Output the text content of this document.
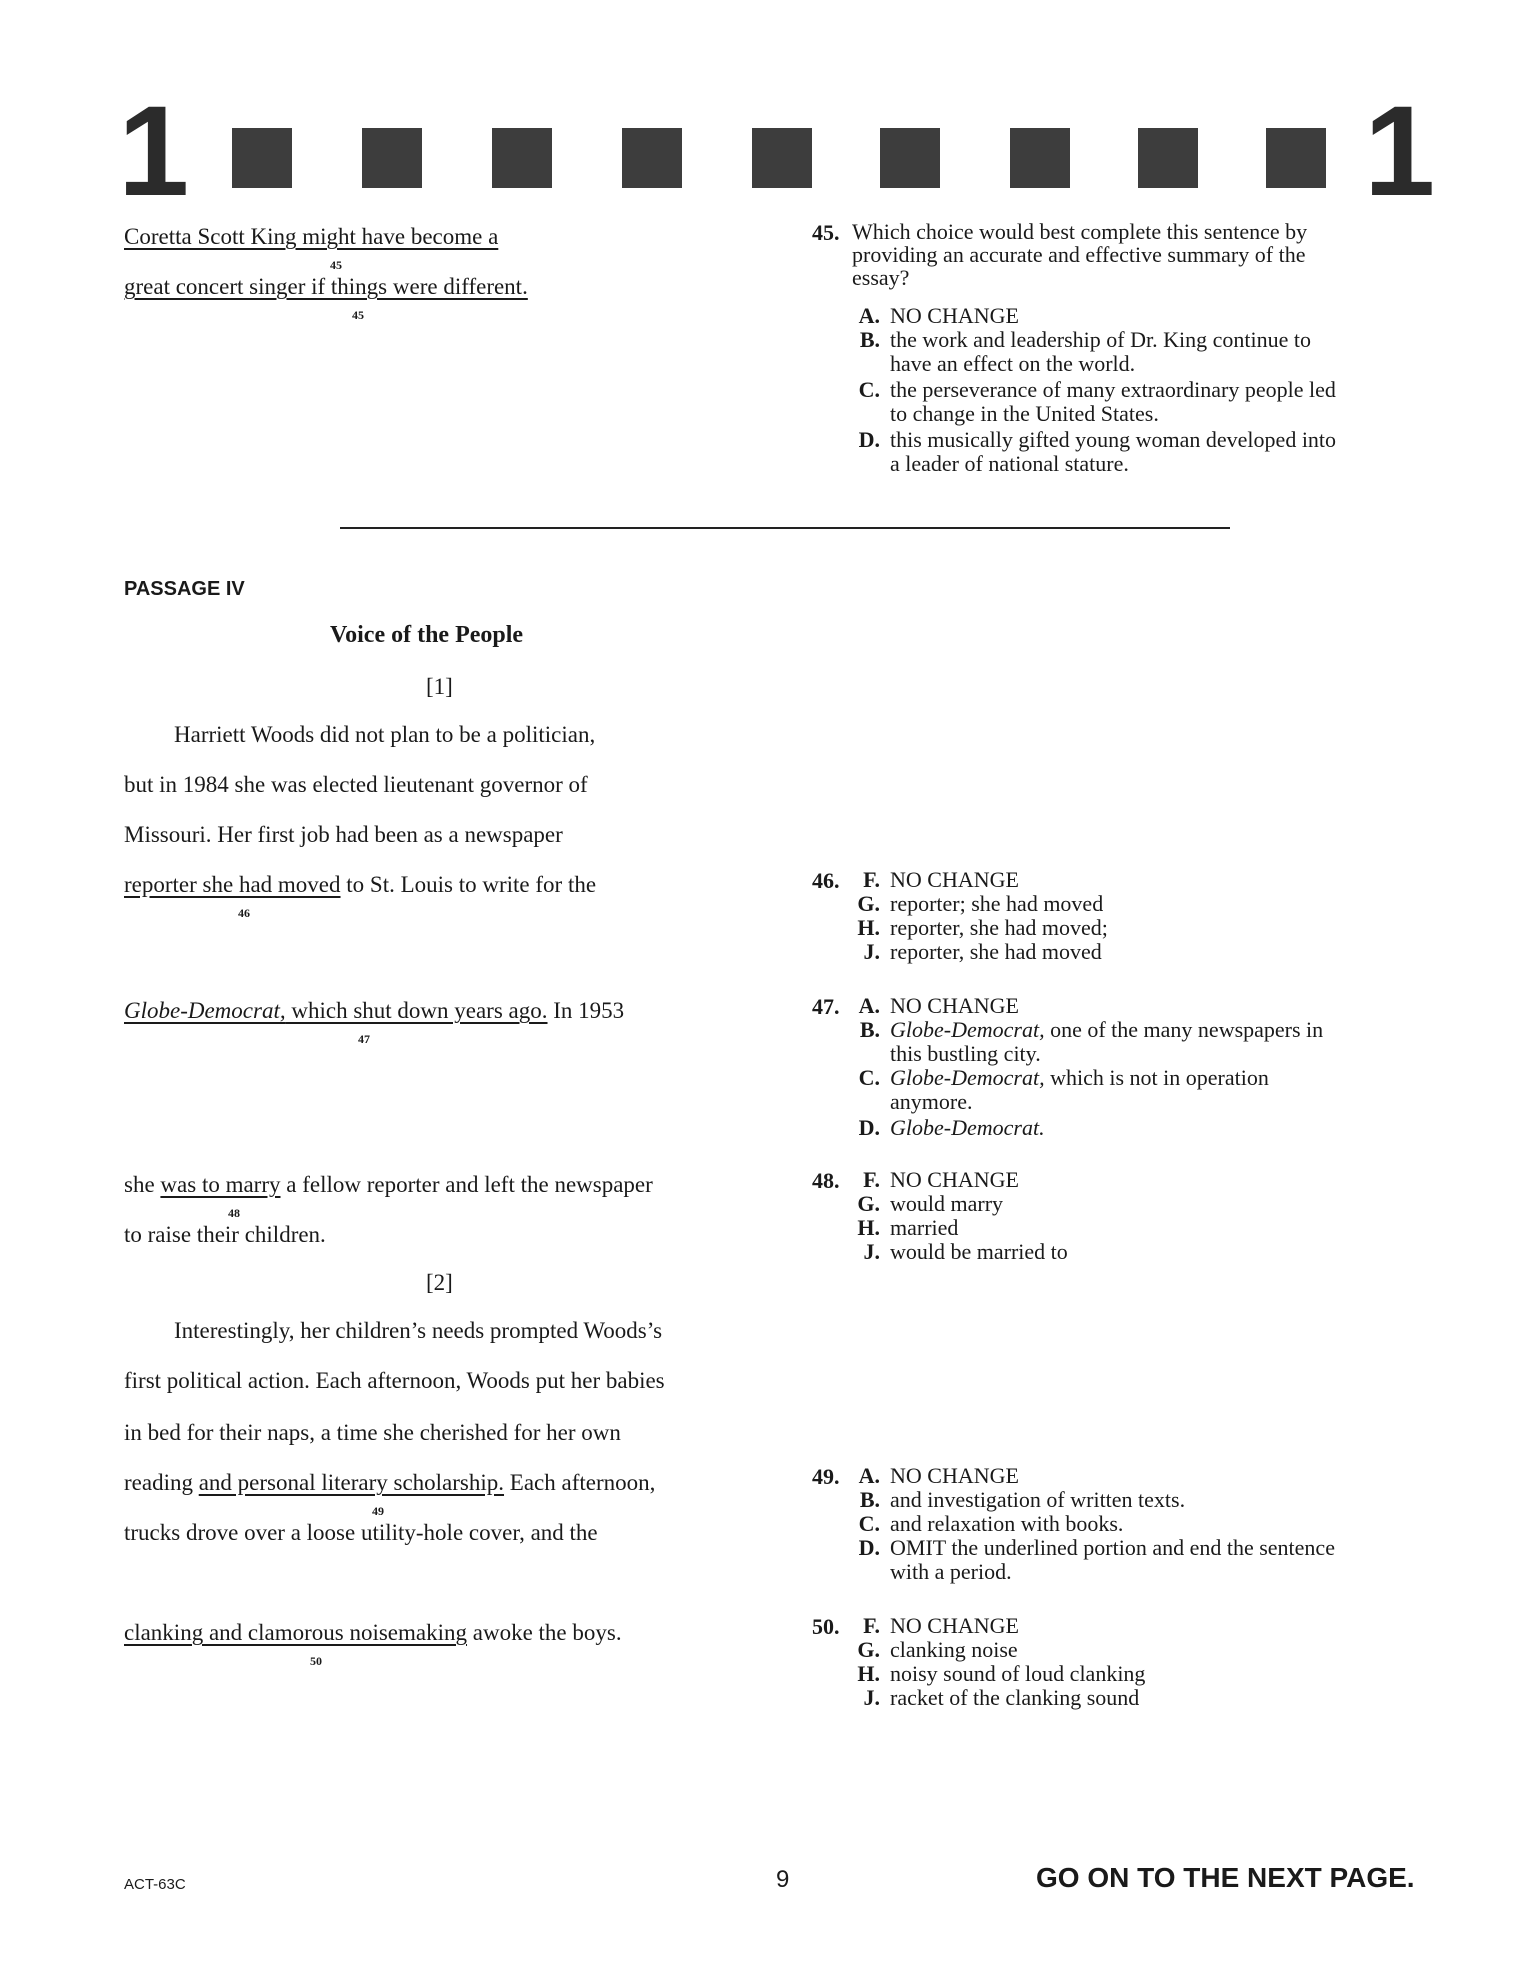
1	1
Coretta Scott King might have become a
45
great concert singer if things were different.
45
45. Which choice would best complete this sentence by
providing an accurate and effective summary of the
essay?
A. NO CHANGE
B. the work and leadership of Dr. King continue to
have an effect on the world.
C. the perseverance of many extraordinary people led
to change in the United States.
D. this musically gifted young woman developed into
a leader of national stature.
PASSAGE IV
Voice of the People
[1]
Harriett Woods did not plan to be a politician,
but in 1984 she was elected lieutenant governor of
Missouri. Her first job had been as a newspaper
reporter she had moved to St. Louis to write for the
46
Globe-Democrat, which shut down years ago. In 1953
47
she was to marry a fellow reporter and left the newspaper
48
to raise their children.
[2]
Interestingly, her children’s needs prompted Woods’s
first political action. Each afternoon, Woods put her babies
in bed for their naps, a time she cherished for her own
reading and personal literary scholarship. Each afternoon,
49
trucks drove over a loose utility-hole cover, and the
clanking and clamorous noisemaking awoke the boys.
50
46.	F. NO CHANGE
G. reporter; she had moved
H. reporter, she had moved;
J. reporter, she had moved
47. A. NO CHANGE
B. Globe-Democrat, one of the many newspapers in
this bustling city.
C. Globe-Democrat, which is not in operation
anymore.
D. Globe-Democrat.
48.	F. NO CHANGE
G. would marry
H. married
J. would be married to
49. A. NO CHANGE
B. and investigation of written texts.
C. and relaxation with books.
D. OMIT the underlined portion and end the sentence
with a period.
50.	F. NO CHANGE
G. clanking noise
H. noisy sound of loud clanking
J. racket of the clanking sound
ACT-63C	9	GO ON TO THE NEXT PAGE.
